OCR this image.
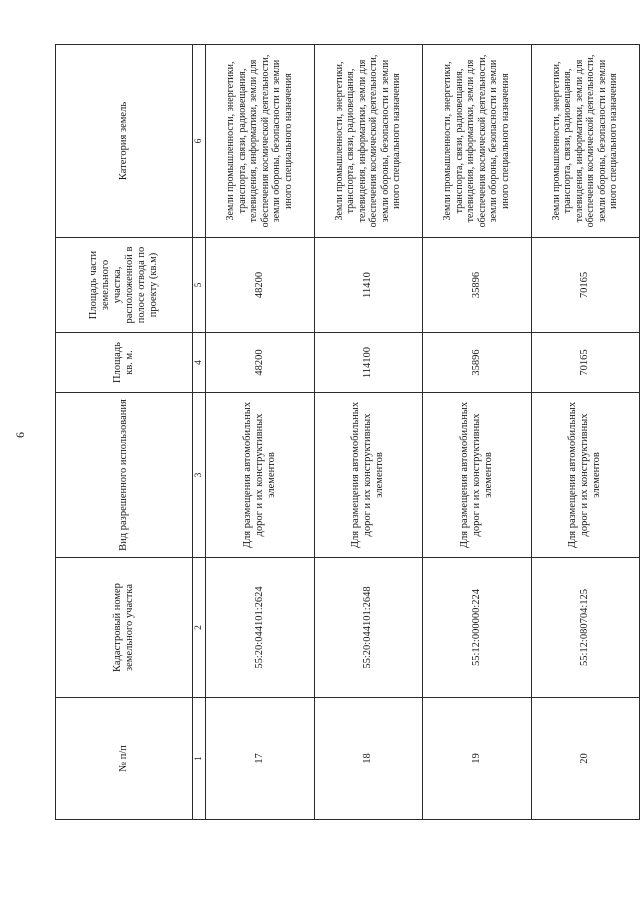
6
№ п/п	Кадастровый номер земельного участка	Вид разрешенного использования	Площадь кв. м.	Площадь части земельного участка, расположенной в полосе отвода по проекту (кв.м)	Категория земель
1	2	3	4	5	6
17	55:20:044101:2624	Для размещения автомобильных дорог и их конструктивных элементов	48200	48200	Земли промышленности, энергетики, транспорта, связи, радиовещания, телевидения, информатики, земли для обеспечения космической деятельности, земли обороны, безопасности и земли иного специального назначения
18	55:20:044101:2648	Для размещения автомобильных дорог и их конструктивных элементов	114100	11410	Земли промышленности, энергетики, транспорта, связи, радиовещания, телевидения, информатики, земли для обеспечения космической деятельности, земли обороны, безопасности и земли иного специального назначения
19	55:12:000000:224	Для размещения автомобильных дорог и их конструктивных элементов	35896	35896	Земли промышленности, энергетики, транспорта, связи, радиовещания, телевидения, информатики, земли для обеспечения космической деятельности, земли обороны, безопасности и земли иного специального назначения
20	55:12:080704:125	Для размещения автомобильных дорог и их конструктивных элементов	70165	70165	Земли промышленности, энергетики, транспорта, связи, радиовещания, телевидения, информатики, земли для обеспечения космической деятельности, земли обороны, безопасности и земли иного специального назначения
